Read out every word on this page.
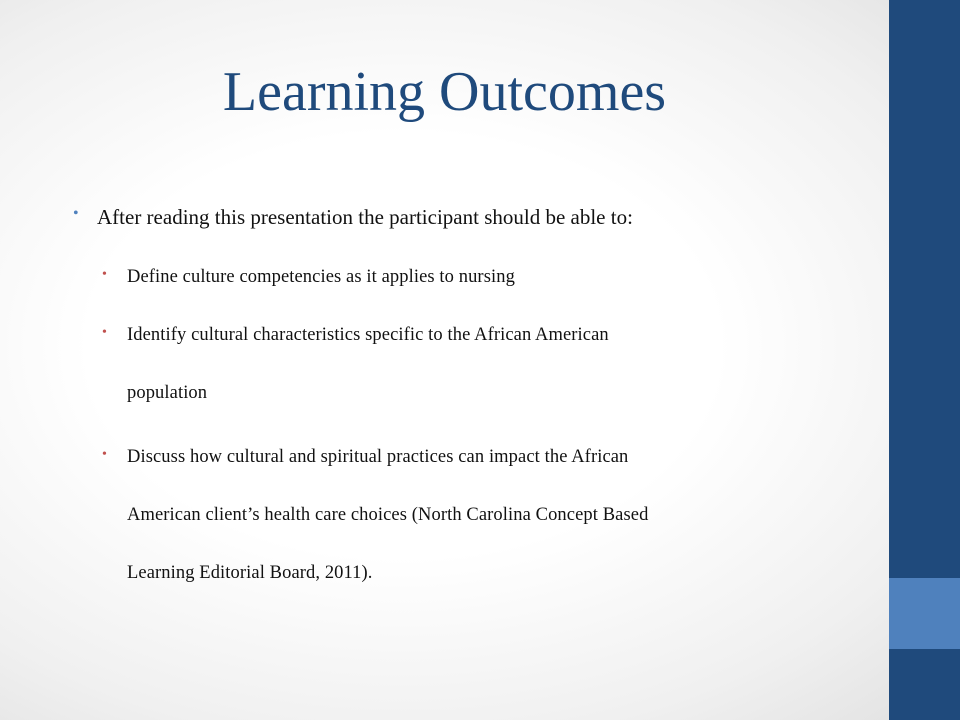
Learning Outcomes
• After reading this presentation the participant should be able to:
• Define culture competencies as it applies to nursing
• Identify cultural characteristics specific to the African American
population
• Discuss how cultural and spiritual practices can impact the African
American client’s health care choices (North Carolina Concept Based
Learning Editorial Board, 2011).
